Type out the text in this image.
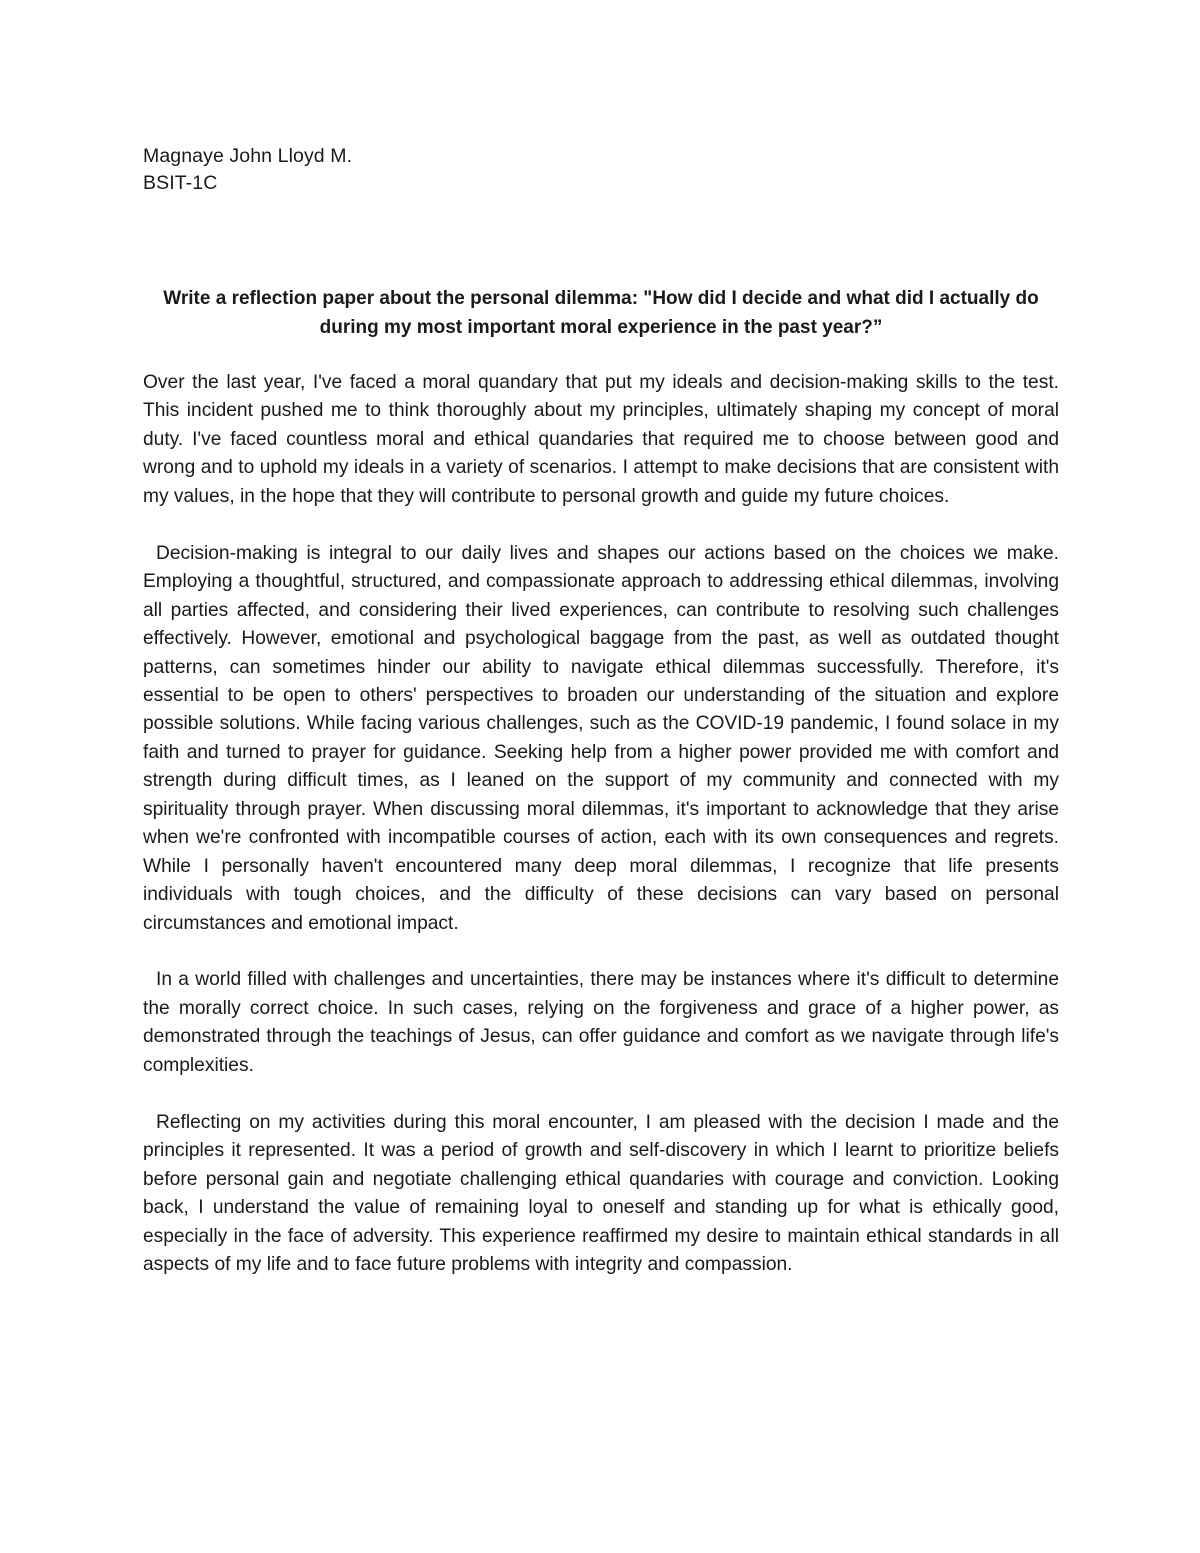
Magnaye John Lloyd M.
BSIT-1C
Write a reflection paper about the personal dilemma: "How did I decide and what did I actually do during my most important moral experience in the past year?”

Over the last year, I've faced a moral quandary that put my ideals and decision-making skills to the test. This incident pushed me to think thoroughly about my principles, ultimately shaping my concept of moral duty. I've faced countless moral and ethical quandaries that required me to choose between good and wrong and to uphold my ideals in a variety of scenarios. I attempt to make decisions that are consistent with my values, in the hope that they will contribute to personal growth and guide my future choices.

Decision-making is integral to our daily lives and shapes our actions based on the choices we make. Employing a thoughtful, structured, and compassionate approach to addressing ethical dilemmas, involving all parties affected, and considering their lived experiences, can contribute to resolving such challenges effectively. However, emotional and psychological baggage from the past, as well as outdated thought patterns, can sometimes hinder our ability to navigate ethical dilemmas successfully. Therefore, it's essential to be open to others' perspectives to broaden our understanding of the situation and explore possible solutions. While facing various challenges, such as the COVID-19 pandemic, I found solace in my faith and turned to prayer for guidance. Seeking help from a higher power provided me with comfort and strength during difficult times, as I leaned on the support of my community and connected with my spirituality through prayer. When discussing moral dilemmas, it's important to acknowledge that they arise when we're confronted with incompatible courses of action, each with its own consequences and regrets. While I personally haven't encountered many deep moral dilemmas, I recognize that life presents individuals with tough choices, and the difficulty of these decisions can vary based on personal circumstances and emotional impact.

In a world filled with challenges and uncertainties, there may be instances where it's difficult to determine the morally correct choice. In such cases, relying on the forgiveness and grace of a higher power, as demonstrated through the teachings of Jesus, can offer guidance and comfort as we navigate through life's complexities.

Reflecting on my activities during this moral encounter, I am pleased with the decision I made and the principles it represented. It was a period of growth and self-discovery in which I learnt to prioritize beliefs before personal gain and negotiate challenging ethical quandaries with courage and conviction. Looking back, I understand the value of remaining loyal to oneself and standing up for what is ethically good, especially in the face of adversity. This experience reaffirmed my desire to maintain ethical standards in all aspects of my life and to face future problems with integrity and compassion.
